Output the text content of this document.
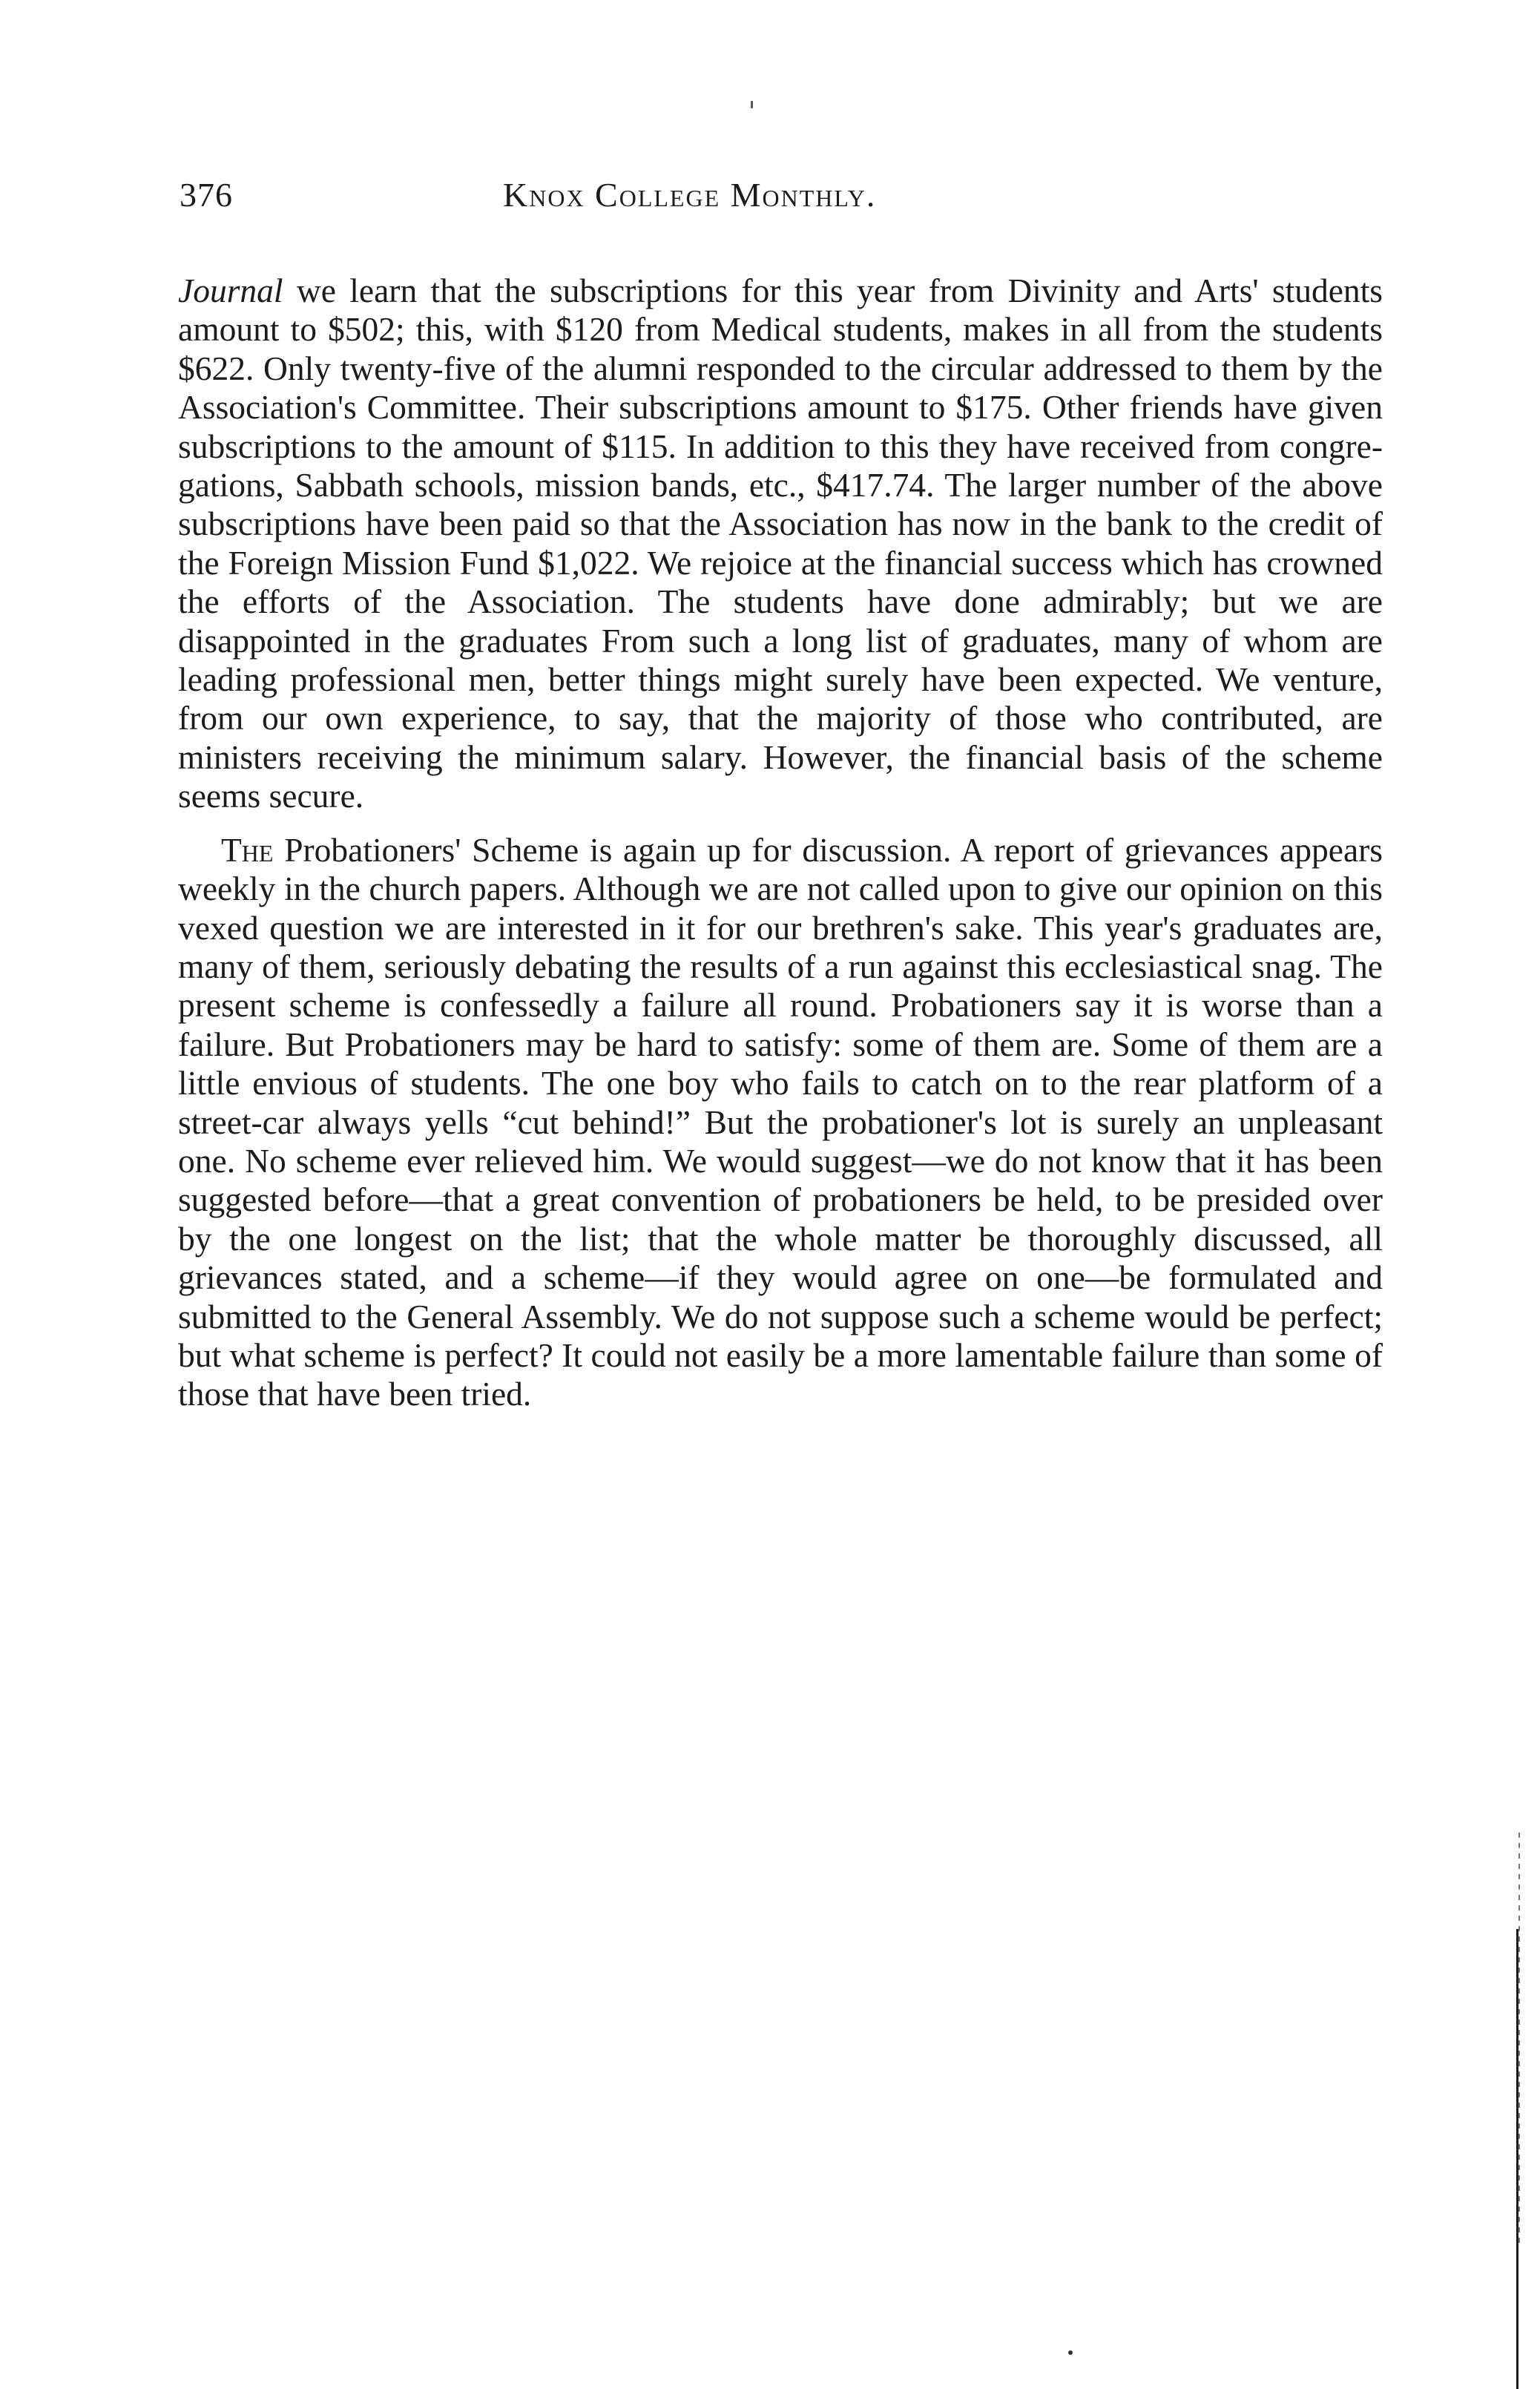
376	Knox College Monthly.

Journal we learn that the subscriptions for this year from Divinity and Arts' students amount to $502; this, with $120 from Medical students, makes in all from the students $622. Only twenty-five of the alumni responded to the circular addressed to them by the Association's Committee. Their subscriptions amount to $175. Other friends have given subscriptions to the amount of $115. In addition to this they have received from congregations, Sabbath schools, mission bands, etc., $417.74. The larger number of the above subscriptions have been paid so that the Association has now in the bank to the credit of the Foreign Mission Fund $1,022. We rejoice at the financial success which has crowned the efforts of the Association. The students have done admirably; but we are disappointed in the graduates From such a long list of graduates, many of whom are leading professional men, better things might surely have been expected. We venture, from our own experience, to say, that the majority of those who contributed, are ministers receiving the minimum salary. However, the financial basis of the scheme seems secure.

The Probationers' Scheme is again up for discussion. A report of grievances appears weekly in the church papers. Although we are not called upon to give our opinion on this vexed question we are interested in it for our brethren's sake. This year's graduates are, many of them, seriously debating the results of a run against this ecclesiastical snag. The present scheme is confessedly a failure all round. Probationers say it is worse than a failure. But Probationers may be hard to satisfy: some of them are. Some of them are a little envious of students. The one boy who fails to catch on to the rear platform of a street-car always yells “cut behind!” But the probationer's lot is surely an unpleasant one. No scheme ever relieved him. We would suggest—we do not know that it has been suggested before—that a great convention of probationers be held, to be presided over by the one longest on the list; that the whole matter be thoroughly discussed, all grievances stated, and a scheme—if they would agree on one—be formulated and submitted to the General Assembly. We do not suppose such a scheme would be perfect; but what scheme is perfect? It could not easily be a more lamentable failure than some of those that have been tried.
